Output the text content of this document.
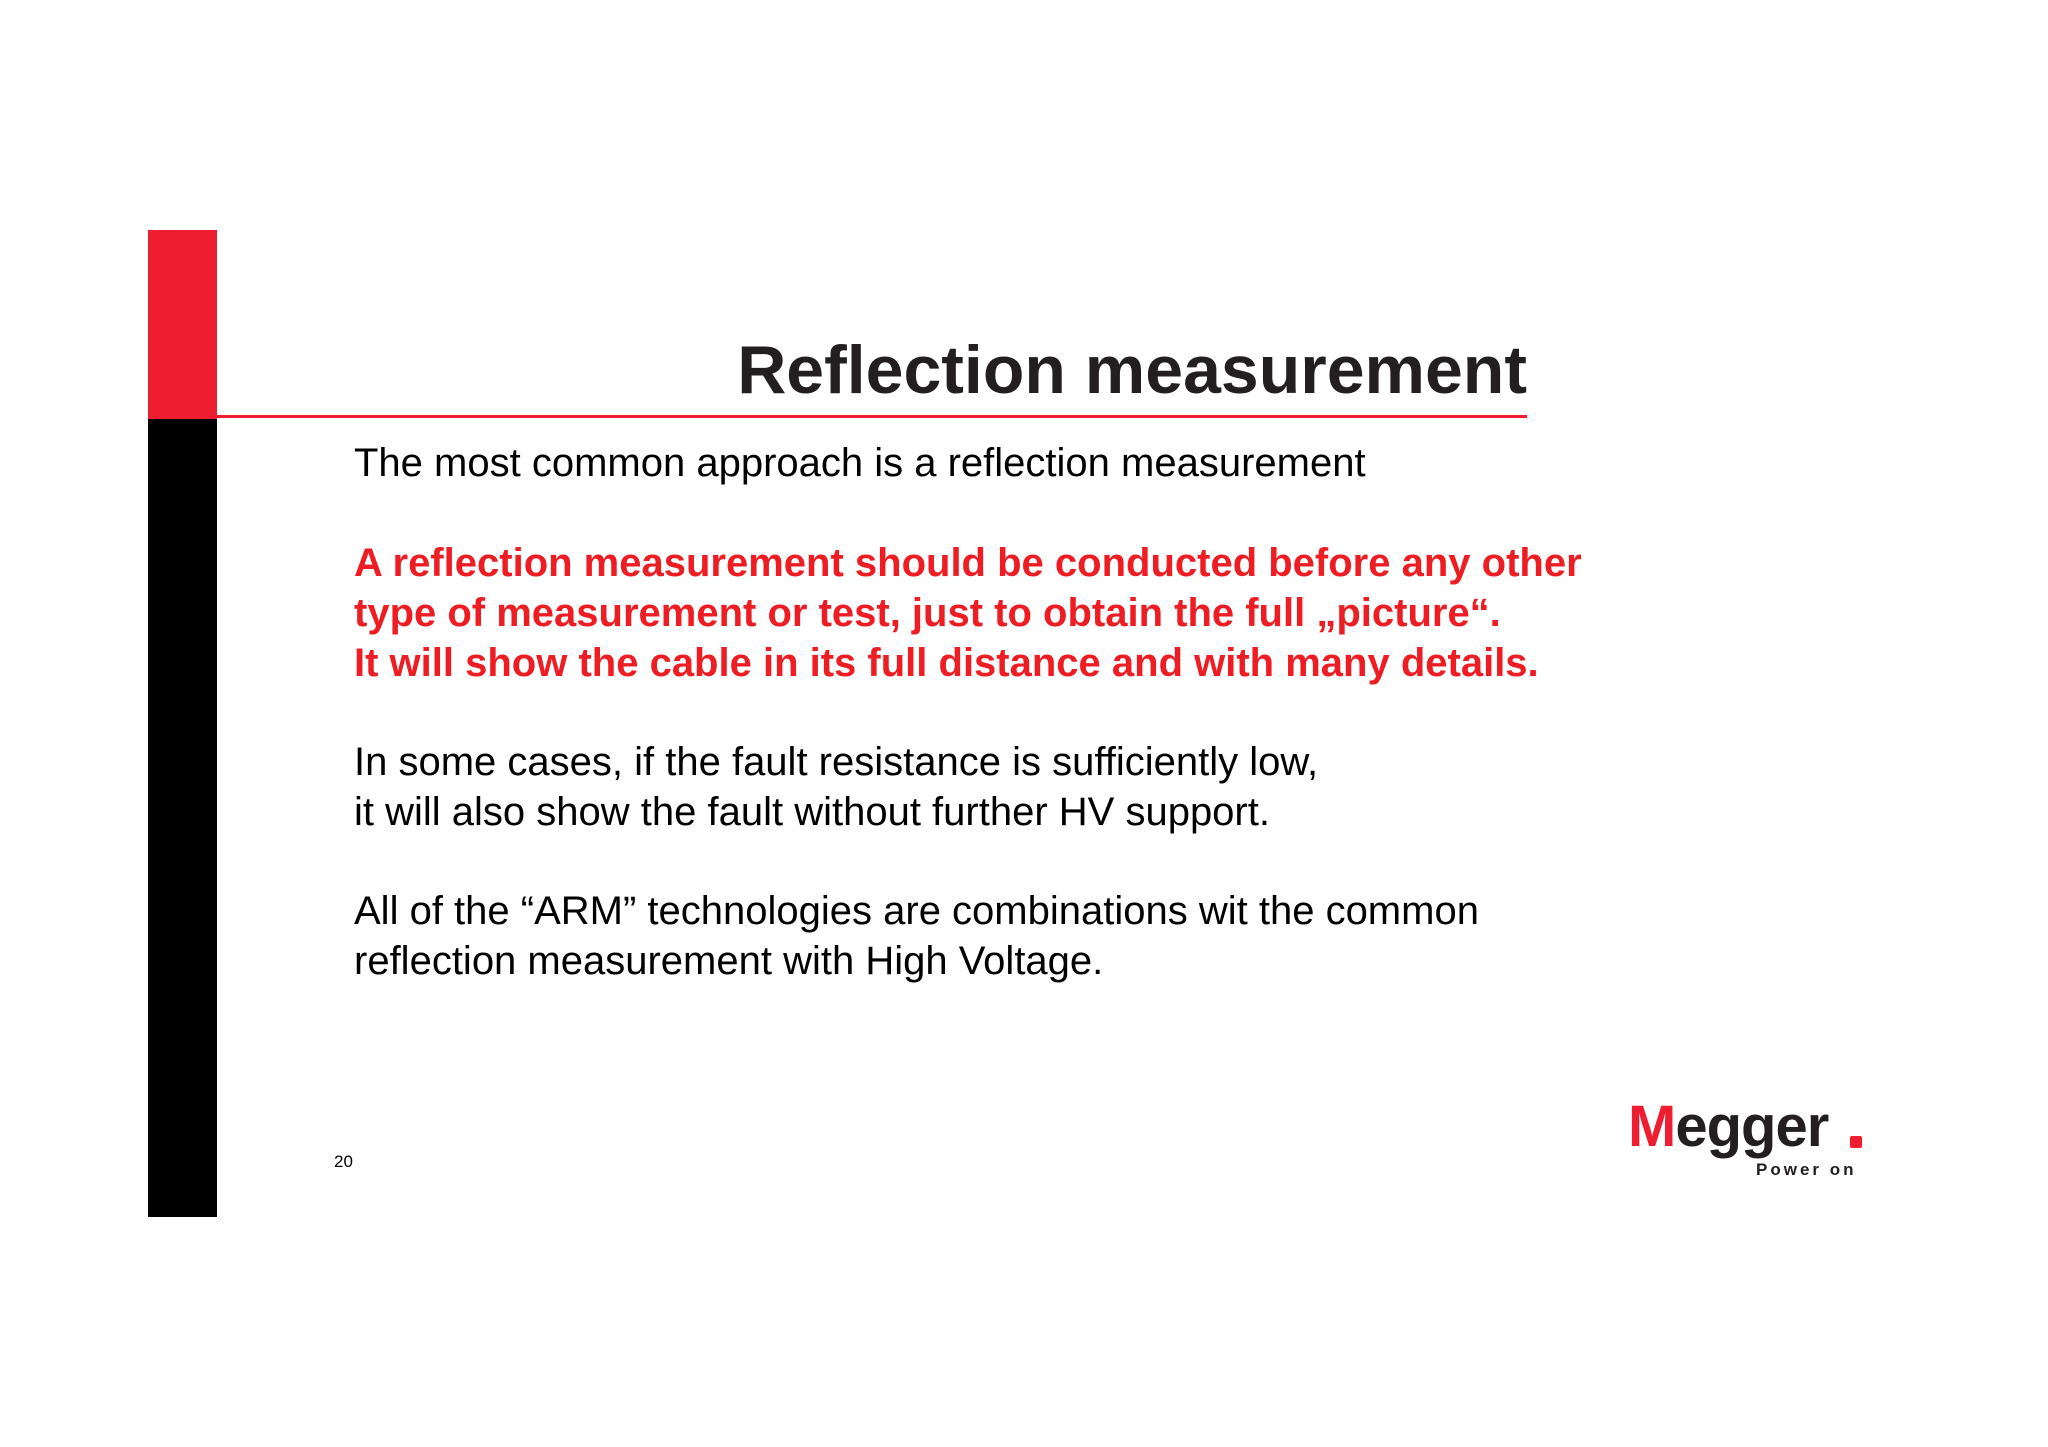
Reflection measurement
The most common approach is a reflection measurement
A reflection measurement should be conducted before any other
type of measurement or test, just to obtain the full „picture“.
It will show the cable in its full distance and with many details.
In some cases, if the fault resistance is sufficiently low,
it will also show the fault without further HV support.
All of the “ARM” technologies are combinations wit the common
reflection measurement with High Voltage.
20
Megger
Power on
